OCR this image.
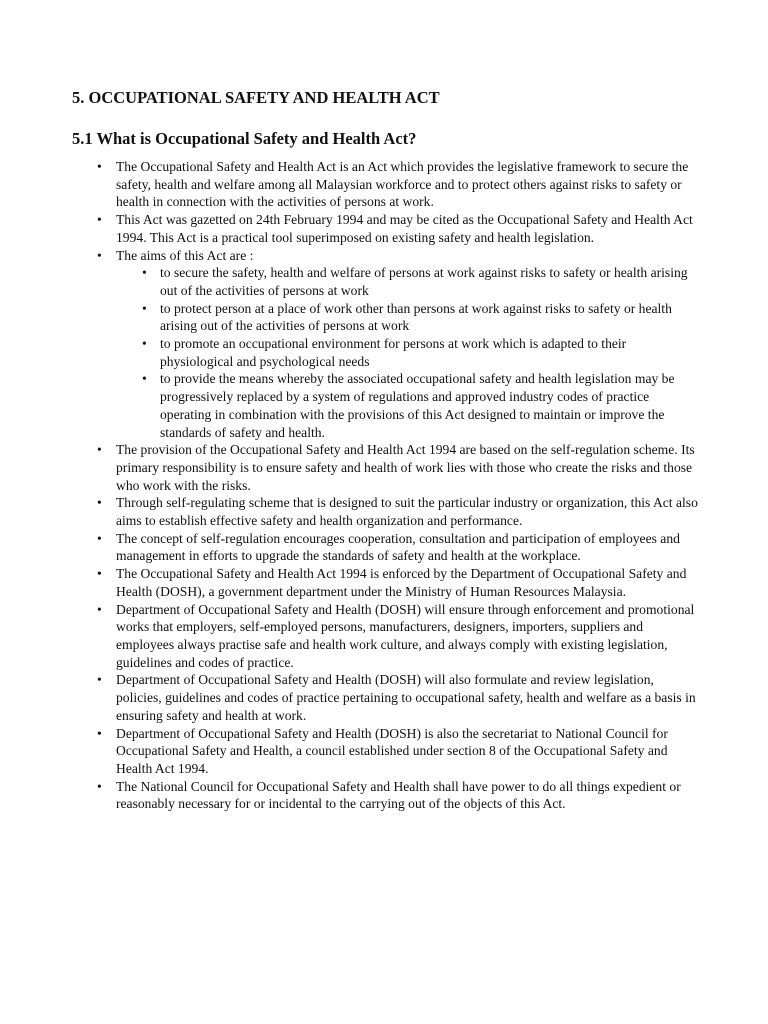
5. OCCUPATIONAL SAFETY AND HEALTH ACT
5.1 What is Occupational Safety and Health Act?
• The Occupational Safety and Health Act is an Act which provides the legislative framework to secure the safety, health and welfare among all Malaysian workforce and to protect others against risks to safety or health in connection with the activities of persons at work.
• This Act was gazetted on 24th February 1994 and may be cited as the Occupational Safety and Health Act 1994. This Act is a practical tool superimposed on existing safety and health legislation.
• The aims of this Act are :
• to secure the safety, health and welfare of persons at work against risks to safety or health arising out of the activities of persons at work
• to protect person at a place of work other than persons at work against risks to safety or health arising out of the activities of persons at work
• to promote an occupational environment for persons at work which is adapted to their physiological and psychological needs
• to provide the means whereby the associated occupational safety and health legislation may be progressively replaced by a system of regulations and approved industry codes of practice operating in combination with the provisions of this Act designed to maintain or improve the standards of safety and health.
• The provision of the Occupational Safety and Health Act 1994 are based on the self-regulation scheme. Its primary responsibility is to ensure safety and health of work lies with those who create the risks and those who work with the risks.
• Through self-regulating scheme that is designed to suit the particular industry or organization, this Act also aims to establish effective safety and health organization and performance.
• The concept of self-regulation encourages cooperation, consultation and participation of employees and management in efforts to upgrade the standards of safety and health at the workplace.
• The Occupational Safety and Health Act 1994 is enforced by the Department of Occupational Safety and Health (DOSH), a government department under the Ministry of Human Resources Malaysia.
• Department of Occupational Safety and Health (DOSH) will ensure through enforcement and promotional works that employers, self-employed persons, manufacturers, designers, importers, suppliers and employees always practise safe and health work culture, and always comply with existing legislation, guidelines and codes of practice.
• Department of Occupational Safety and Health (DOSH) will also formulate and review legislation, policies, guidelines and codes of practice pertaining to occupational safety, health and welfare as a basis in ensuring safety and health at work.
• Department of Occupational Safety and Health (DOSH) is also the secretariat to National Council for Occupational Safety and Health, a council established under section 8 of the Occupational Safety and Health Act 1994.
• The National Council for Occupational Safety and Health shall have power to do all things expedient or reasonably necessary for or incidental to the carrying out of the objects of this Act.
